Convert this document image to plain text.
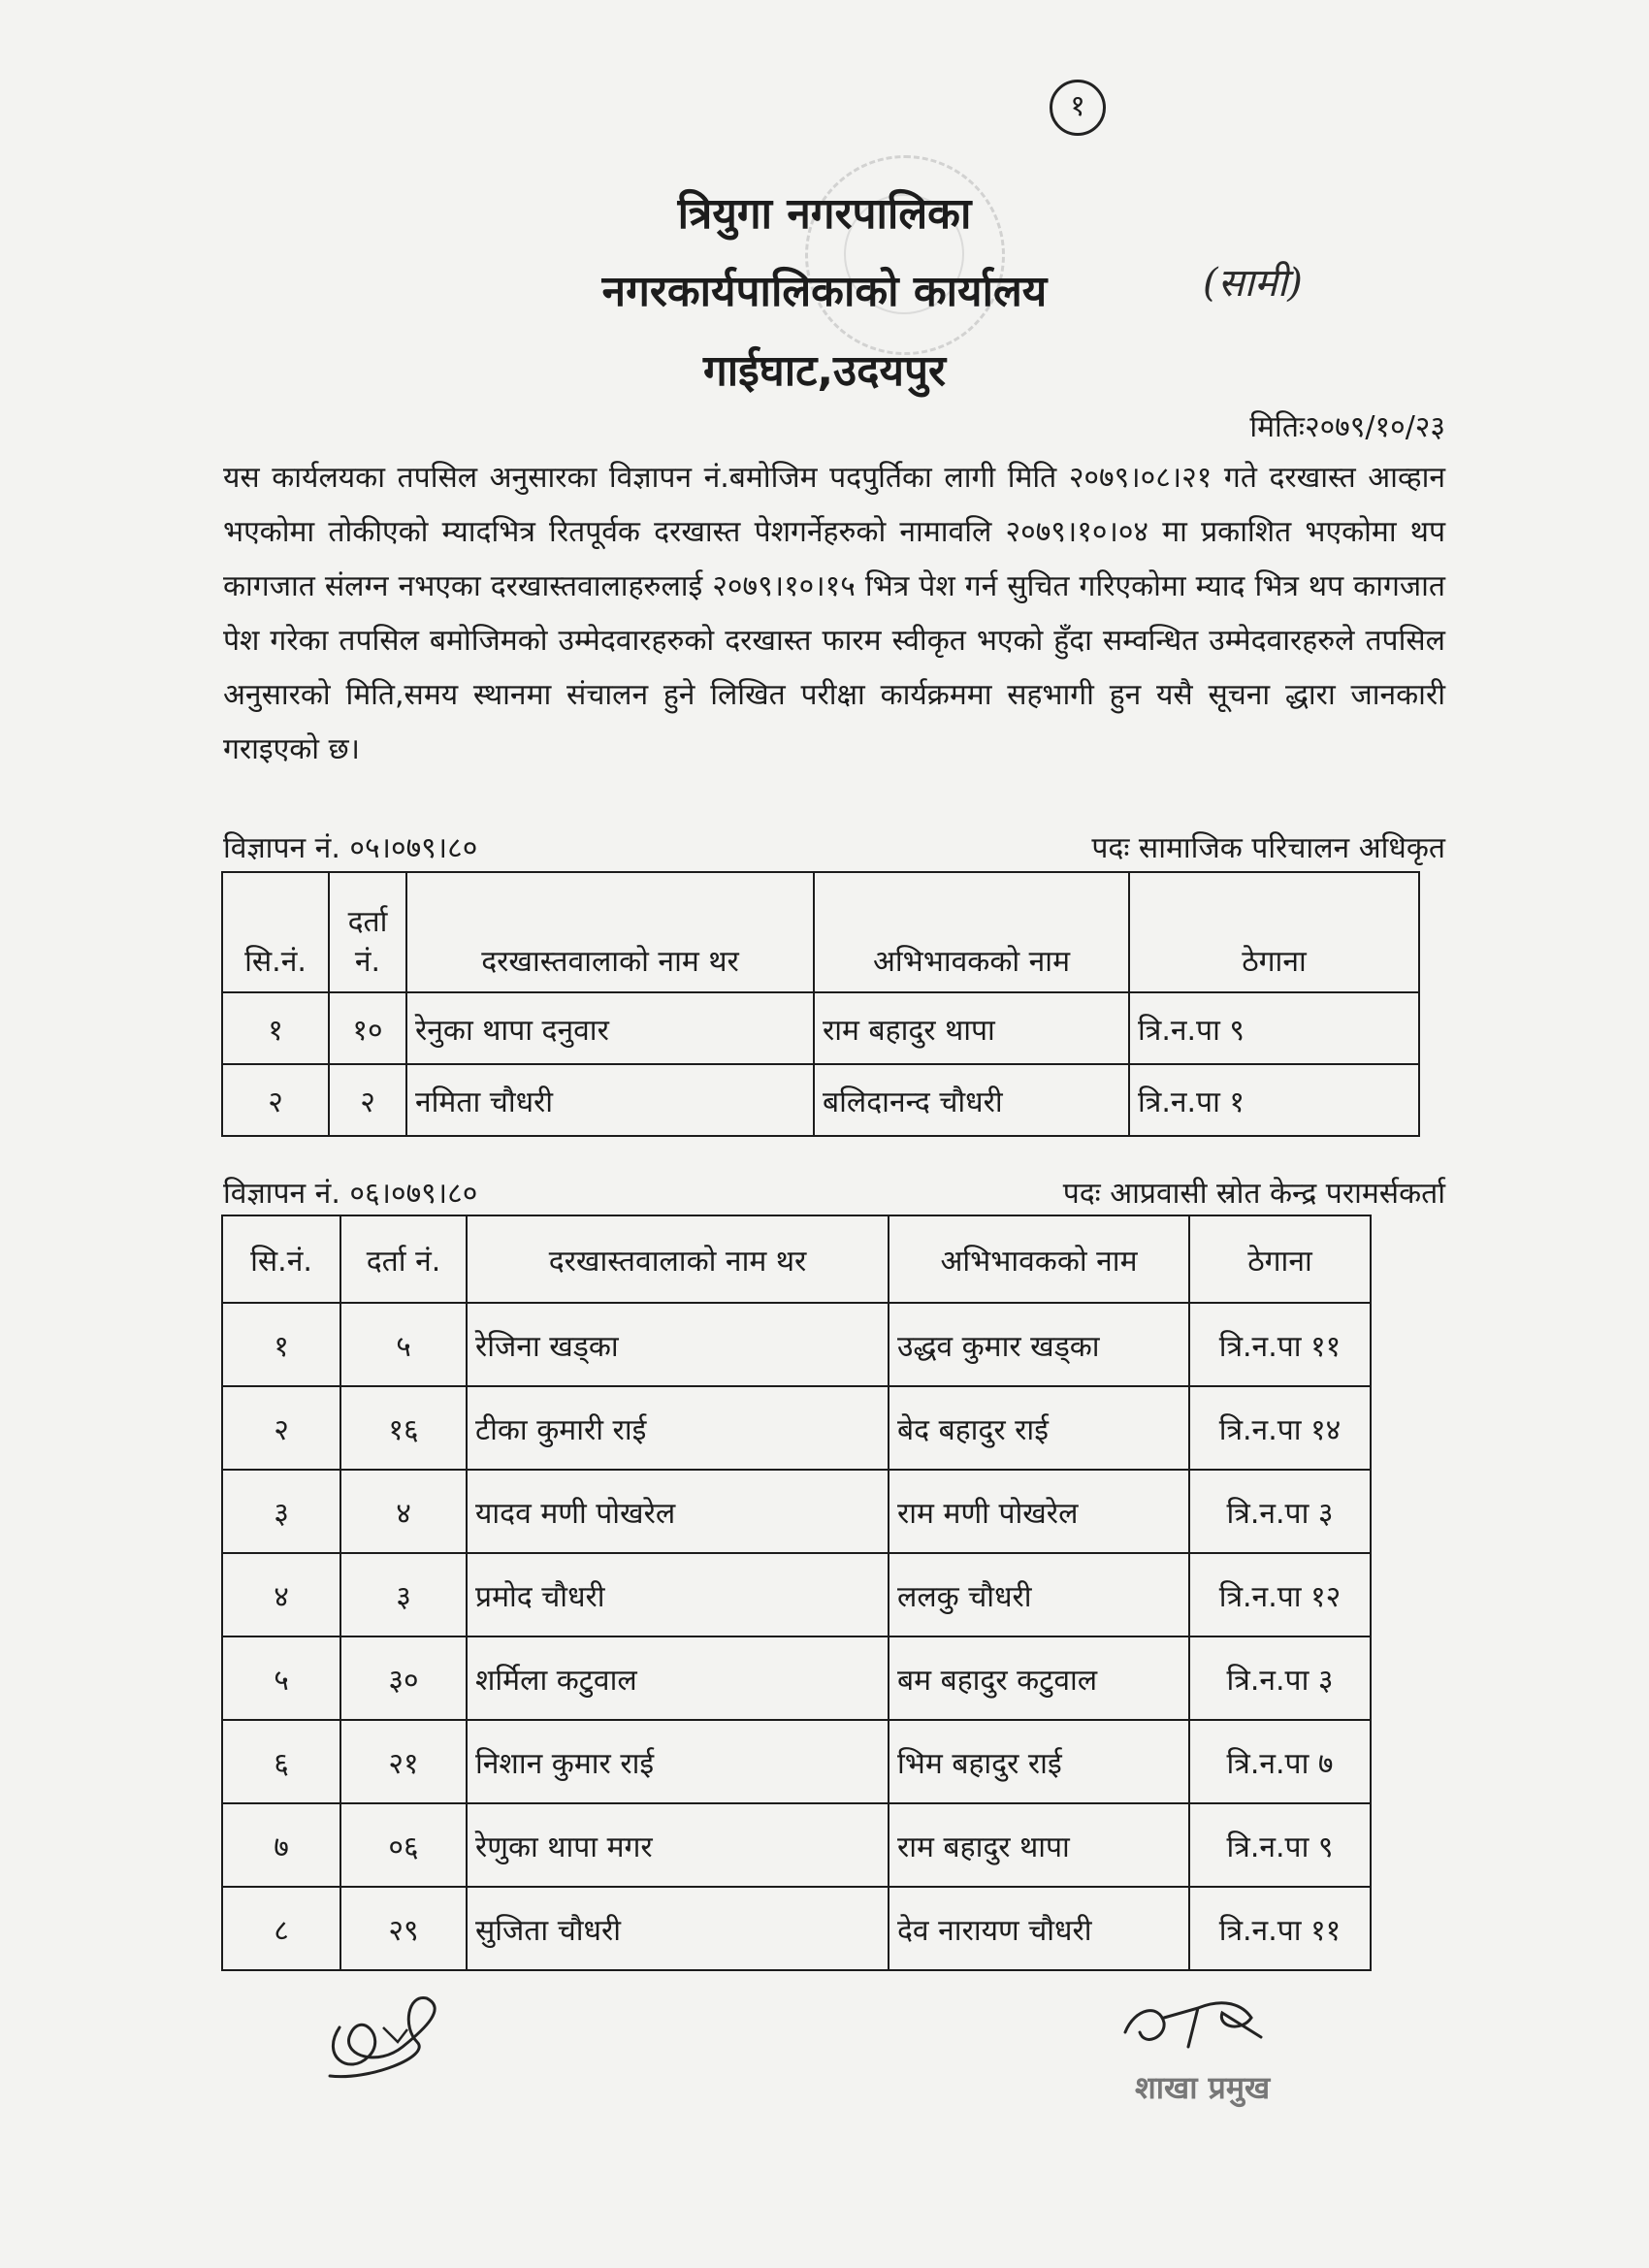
१
त्रियुगा नगरपालिका
नगरकार्यपालिकाको कार्यालय
गाईघाट,उदयपुर
(सामी)
मितिः२०७९/१०/२३
यस कार्यलयका तपसिल अनुसारका विज्ञापन नं.बमोजिम पदपुर्तिका लागी मिति २०७९।०८।२१ गते दरखास्त आव्हान भएकोमा तोकीएको म्यादभित्र रितपूर्वक दरखास्त पेशगर्नेहरुको नामावलि २०७९।१०।०४ मा प्रकाशित भएकोमा थप कागजात संलग्न नभएका दरखास्तवालाहरुलाई २०७९।१०।१५ भित्र पेश गर्न सुचित गरिएकोमा म्याद भित्र थप कागजात पेश गरेका तपसिल बमोजिमको उम्मेदवारहरुको दरखास्त फारम स्वीकृत भएको हुँदा सम्वन्धित उम्मेदवारहरुले तपसिल अनुसारको मिति,समय स्थानमा संचालन हुने लिखित परीक्षा कार्यक्रममा सहभागी हुन यसै सूचना द्धारा जानकारी गराइएको छ।
विज्ञापन नं. ०५।०७९।८०	पदः सामाजिक परिचालन अधिकृत
सि.नं.	दर्ता नं.	दरखास्तवालाको नाम थर	अभिभावकको नाम	ठेगाना
१	१०	रेनुका थापा दनुवार	राम बहादुर थापा	त्रि.न.पा ९
२	२	नमिता चौधरी	बलिदानन्द चौधरी	त्रि.न.पा १
विज्ञापन नं. ०६।०७९।८०	पदः आप्रवासी स्रोत केन्द्र परामर्सकर्ता
सि.नं.	दर्ता नं.	दरखास्तवालाको नाम थर	अभिभावकको नाम	ठेगाना
१	५	रेजिना खड्का	उद्धव कुमार खड्का	त्रि.न.पा ११
२	१६	टीका कुमारी राई	बेद बहादुर राई	त्रि.न.पा १४
३	४	यादव मणी पोखरेल	राम मणी पोखरेल	त्रि.न.पा ३
४	३	प्रमोद चौधरी	ललकु चौधरी	त्रि.न.पा १२
५	३०	शर्मिला कटुवाल	बम बहादुर कटुवाल	त्रि.न.पा ३
६	२१	निशान कुमार राई	भिम बहादुर राई	त्रि.न.पा ७
७	०६	रेणुका थापा मगर	राम बहादुर थापा	त्रि.न.पा ९
८	२९	सुजिता चौधरी	देव नारायण चौधरी	त्रि.न.पा ११
शाखा प्रमुख
